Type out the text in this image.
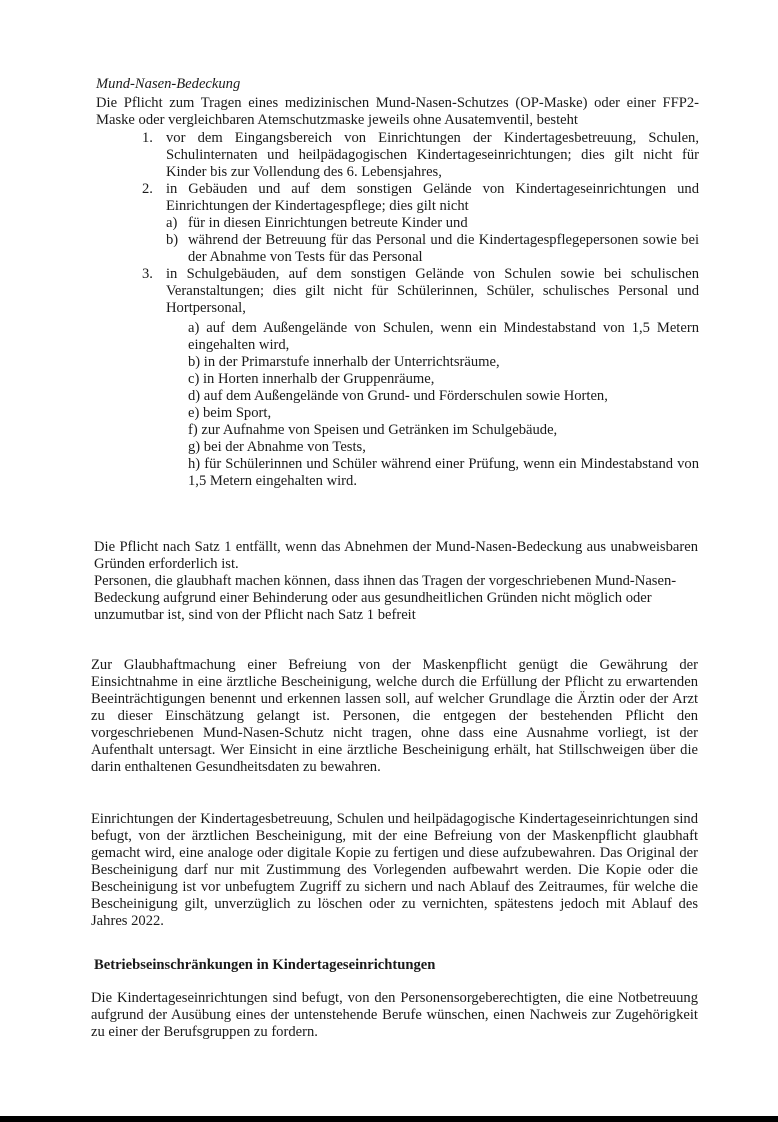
Mund-Nasen-Bedeckung
Die Pflicht zum Tragen eines medizinischen Mund-Nasen-Schutzes (OP-Maske) oder einer FFP2-Maske oder vergleichbaren Atemschutzmaske jeweils ohne Ausatemventil, besteht
1. vor dem Eingangsbereich von Einrichtungen der Kindertagesbetreuung, Schulen, Schulinternaten und heilpädagogischen Kindertageseinrichtungen; dies gilt nicht für Kinder bis zur Vollendung des 6. Lebensjahres,
2. in Gebäuden und auf dem sonstigen Gelände von Kindertageseinrichtungen und Einrichtungen der Kindertagespflege; dies gilt nicht
a) für in diesen Einrichtungen betreute Kinder und
b) während der Betreuung für das Personal und die Kindertagespflegepersonen sowie bei der Abnahme von Tests für das Personal
3. in Schulgebäuden, auf dem sonstigen Gelände von Schulen sowie bei schulischen Veranstaltungen; dies gilt nicht für Schülerinnen, Schüler, schulisches Personal und Hortpersonal,
a) auf dem Außengelände von Schulen, wenn ein Mindestabstand von 1,5 Metern eingehalten wird,
b) in der Primarstufe innerhalb der Unterrichtsräume,
c) in Horten innerhalb der Gruppenräume,
d) auf dem Außengelände von Grund- und Förderschulen sowie Horten,
e) beim Sport,
f) zur Aufnahme von Speisen und Getränken im Schulgebäude,
g) bei der Abnahme von Tests,
h) für Schülerinnen und Schüler während einer Prüfung, wenn ein Mindestabstand von 1,5 Metern eingehalten wird.
Die Pflicht nach Satz 1 entfällt, wenn das Abnehmen der Mund-Nasen-Bedeckung aus unabweisbaren Gründen erforderlich ist.
Personen, die glaubhaft machen können, dass ihnen das Tragen der vorgeschriebenen Mund-Nasen-Bedeckung aufgrund einer Behinderung oder aus gesundheitlichen Gründen nicht möglich oder unzumutbar ist, sind von der Pflicht nach Satz 1 befreit
Zur Glaubhaftmachung einer Befreiung von der Maskenpflicht genügt die Gewährung der Einsichtnahme in eine ärztliche Bescheinigung, welche durch die Erfüllung der Pflicht zu erwartenden Beeinträchtigungen benennt und erkennen lassen soll, auf welcher Grundlage die Ärztin oder der Arzt zu dieser Einschätzung gelangt ist. Personen, die entgegen der bestehenden Pflicht den vorgeschriebenen Mund-Nasen-Schutz nicht tragen, ohne dass eine Ausnahme vorliegt, ist der Aufenthalt untersagt. Wer Einsicht in eine ärztliche Bescheinigung erhält, hat Stillschweigen über die darin enthaltenen Gesundheitsdaten zu bewahren.
Einrichtungen der Kindertagesbetreuung, Schulen und heilpädagogische Kindertageseinrichtungen sind befugt, von der ärztlichen Bescheinigung, mit der eine Befreiung von der Maskenpflicht glaubhaft gemacht wird, eine analoge oder digitale Kopie zu fertigen und diese aufzubewahren. Das Original der Bescheinigung darf nur mit Zustimmung des Vorlegenden aufbewahrt werden. Die Kopie oder die Bescheinigung ist vor unbefugtem Zugriff zu sichern und nach Ablauf des Zeitraumes, für welche die Bescheinigung gilt, unverzüglich zu löschen oder zu vernichten, spätestens jedoch mit Ablauf des Jahres 2022.
Betriebseinschränkungen in Kindertageseinrichtungen
Die Kindertageseinrichtungen sind befugt, von den Personensorgeberechtigten, die eine Notbetreuung aufgrund der Ausübung eines der untenstehende Berufe wünschen, einen Nachweis zur Zugehörigkeit zu einer der Berufsgruppen zu fordern.
